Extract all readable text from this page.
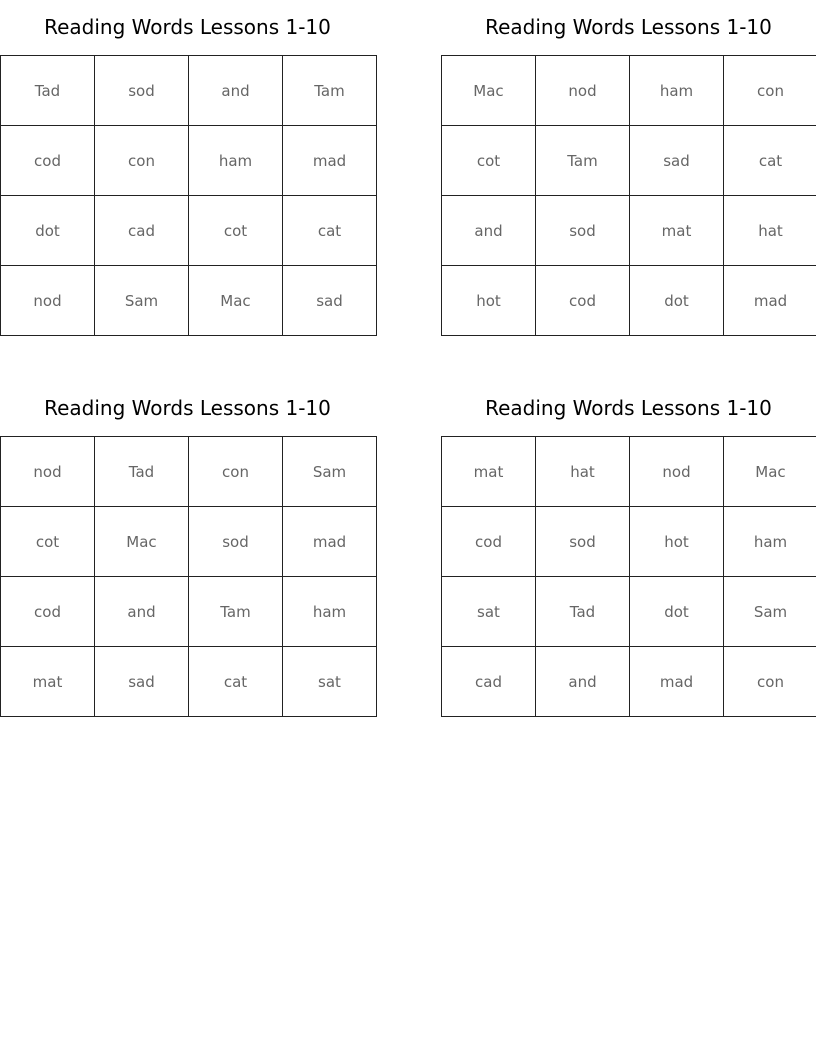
Reading Words Lessons 1-10
Tad	sod	and	Tam
cod	con	ham	mad
dot	cad	cot	cat
nod	Sam	Mac	sad
Reading Words Lessons 1-10
Mac	nod	ham	con
cot	Tam	sad	cat
and	sod	mat	hat
hot	cod	dot	mad
Reading Words Lessons 1-10
nod	Tad	con	Sam
cot	Mac	sod	mad
cod	and	Tam	ham
mat	sad	cat	sat
Reading Words Lessons 1-10
mat	hat	nod	Mac
cod	sod	hot	ham
sat	Tad	dot	Sam
cad	and	mad	con
